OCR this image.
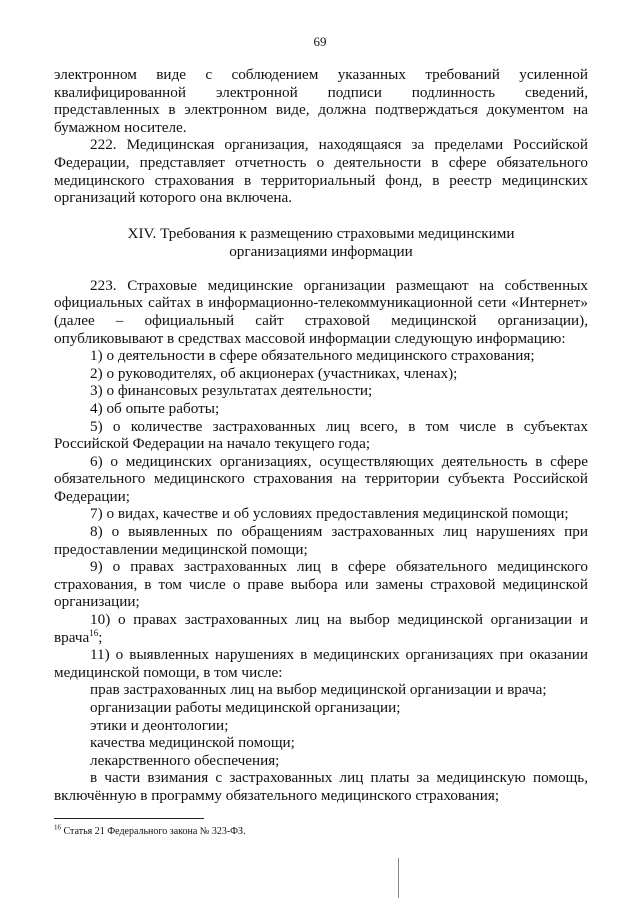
69

электронном виде с соблюдением указанных требований усиленной квалифицированной электронной подписи подлинность сведений, представленных в электронном виде, должна подтверждаться документом на бумажном носителе.

222. Медицинская организация, находящаяся за пределами Российской Федерации, представляет отчетность о деятельности в сфере обязательного медицинского страхования в территориальный фонд, в реестр медицинских организаций которого она включена.

XIV. Требования к размещению страховыми медицинскими
организациями информации

223. Страховые медицинские организации размещают на собственных официальных сайтах в информационно-телекоммуникационной сети «Интернет» (далее – официальный сайт страховой медицинской организации), опубликовывают в средствах массовой информации следующую информацию:

1) о деятельности в сфере обязательного медицинского страхования;

2) о руководителях, об акционерах (участниках, членах);

3) о финансовых результатах деятельности;

4) об опыте работы;

5) о количестве застрахованных лиц всего, в том числе в субъектах Российской Федерации на начало текущего года;

6) о медицинских организациях, осуществляющих деятельность в сфере обязательного медицинского страхования на территории субъекта Российской Федерации;

7) о видах, качестве и об условиях предоставления медицинской помощи;

8) о выявленных по обращениям застрахованных лиц нарушениях при предоставлении медицинской помощи;

9) о правах застрахованных лиц в сфере обязательного медицинского страхования, в том числе о праве выбора или замены страховой медицинской организации;

10) о правах застрахованных лиц на выбор медицинской организации и врача$^{16}$;

11) о выявленных нарушениях в медицинских организациях при оказании медицинской помощи, в том числе:

прав застрахованных лиц на выбор медицинской организации и врача;

организации работы медицинской организации;

этики и деонтологии;

качества медицинской помощи;

лекарственного обеспечения;

в части взимания с застрахованных лиц платы за медицинскую помощь, включённую в программу обязательного медицинского страхования;

$^{16}$ Статья 21 Федерального закона № 323-ФЗ.
